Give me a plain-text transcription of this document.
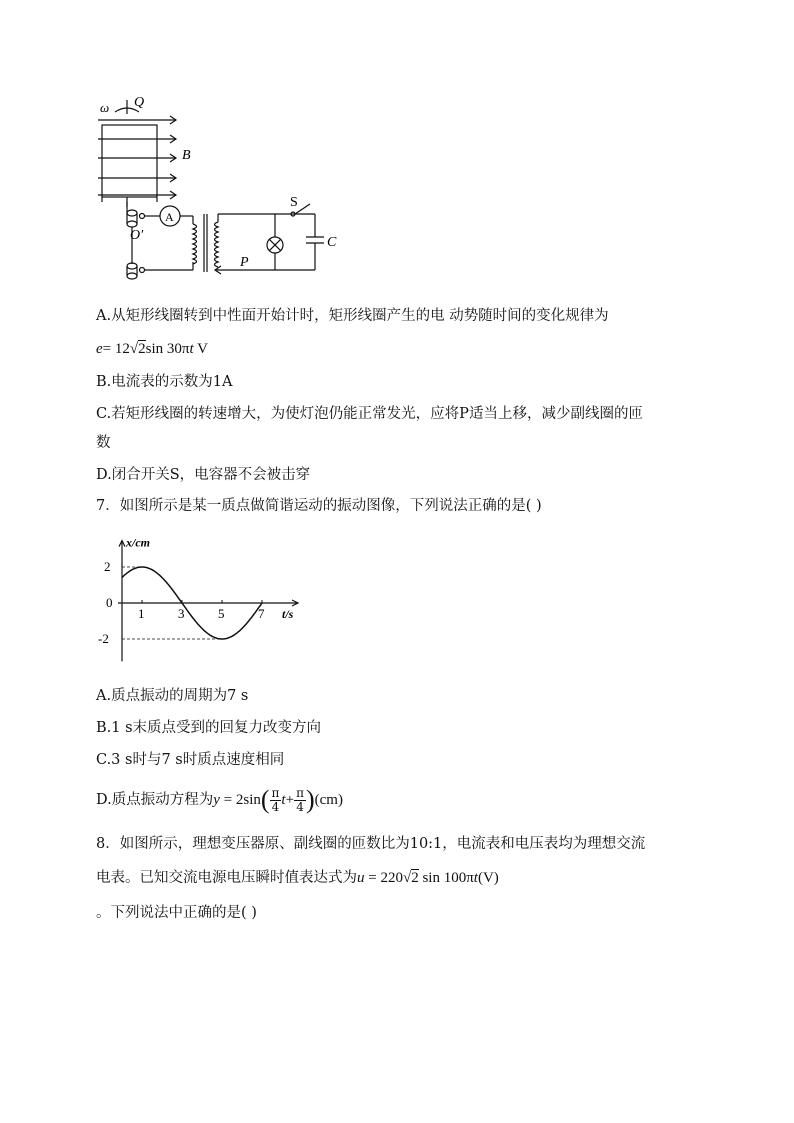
ω Q
B
O′
A
S
C
P
A.从矩形线圈转到中性面开始计时，矩形线圈产生的电 动势随时间的变化规律为
e= 12√2sin 30πt V
B.电流表的示数为1A
C.若矩形线圈的转速增大，为使灯泡仍能正常发光，应将P适当上移，减少副线圈的匝
数
D.闭合开关S，电容器不会被击穿
7．如图所示是某一质点做简谐运动的振动图像，下列说法正确的是( )
x/cm
t/s
0
2
-2
1	3	5	7
A.质点振动的周期为7 s
B.1 s末质点受到的回复力改变方向
C.3 s时与7 s时质点速度相同
D.质点振动方程为$y = 2\sin( \frac{\pi}{4} t+ \frac{\pi}{4} )(cm)$
8．如图所示，理想变压器原、副线圈的匝数比为10:1，电流表和电压表均为理想交流
电表。已知交流电源电压瞬时值表达式为u = 220√2 sin 100πt(V)
。下列说法中正确的是( )
